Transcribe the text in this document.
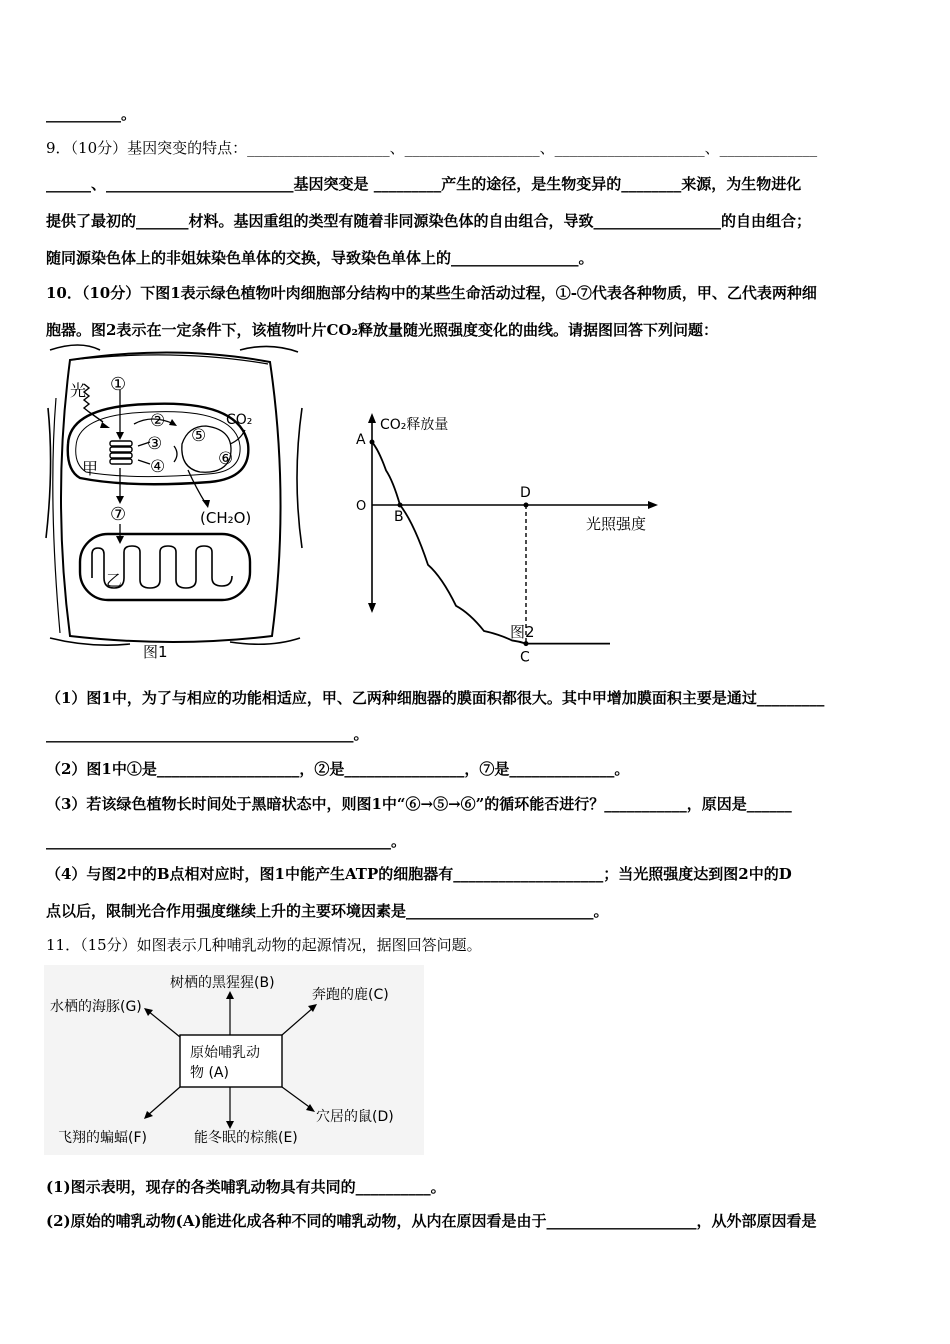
__________。
9．（10分）基因突变的特点：___________________、__________________、____________________、_____________
______、_________________________基因突变是 _________产生的途径，是生物变异的________来源，为生物进化
提供了最初的_______材料。基因重组的类型有随着非同源染色体的自由组合，导致_________________的自由组合；
随同源染色体上的非姐妹染色单体的交换，导致染色单体上的_________________。
10．（10分）下图1表示绿色植物叶肉细胞部分结构中的某些生命活动过程，①-⑦代表各种物质，甲、乙代表两种细
胞器。图2表示在一定条件下，该植物叶片CO₂释放量随光照强度变化的曲线。请据图回答下列问题：
光 ①
②
③
④
⑤
⑥
CO₂
甲
⑦	(CH₂O)
乙
图1
A
B
C
D
CO₂释放量
光照强度
O
图2
（1）图1中，为了与相应的功能相适应，甲、乙两种细胞器的膜面积都很大。其中甲增加膜面积主要是通过_________
_________________________________________。
（2）图1中①是___________________，②是________________，⑦是______________。
（3）若该绿色植物长时间处于黑暗状态中，则图1中“⑥→⑤→⑥”的循环能否进行？___________，原因是______
______________________________________________。
（4）与图2中的B点相对应时，图1中能产生ATP的细胞器有____________________；当光照强度达到图2中的D
点以后，限制光合作用强度继续上升的主要环境因素是_________________________。
11．（15分）如图表示几种哺乳动物的起源情况，据图回答问题。
原始哺乳动
物 (A)
树栖的黑猩猩(B)
奔跑的鹿(C)
水栖的海豚(G)
穴居的鼠(D)
飞翔的蝙蝠(F)	能冬眠的棕熊(E)
(1)图示表明，现存的各类哺乳动物具有共同的__________。
(2)原始的哺乳动物(A)能进化成各种不同的哺乳动物，从内在原因看是由于____________________，从外部原因看是
